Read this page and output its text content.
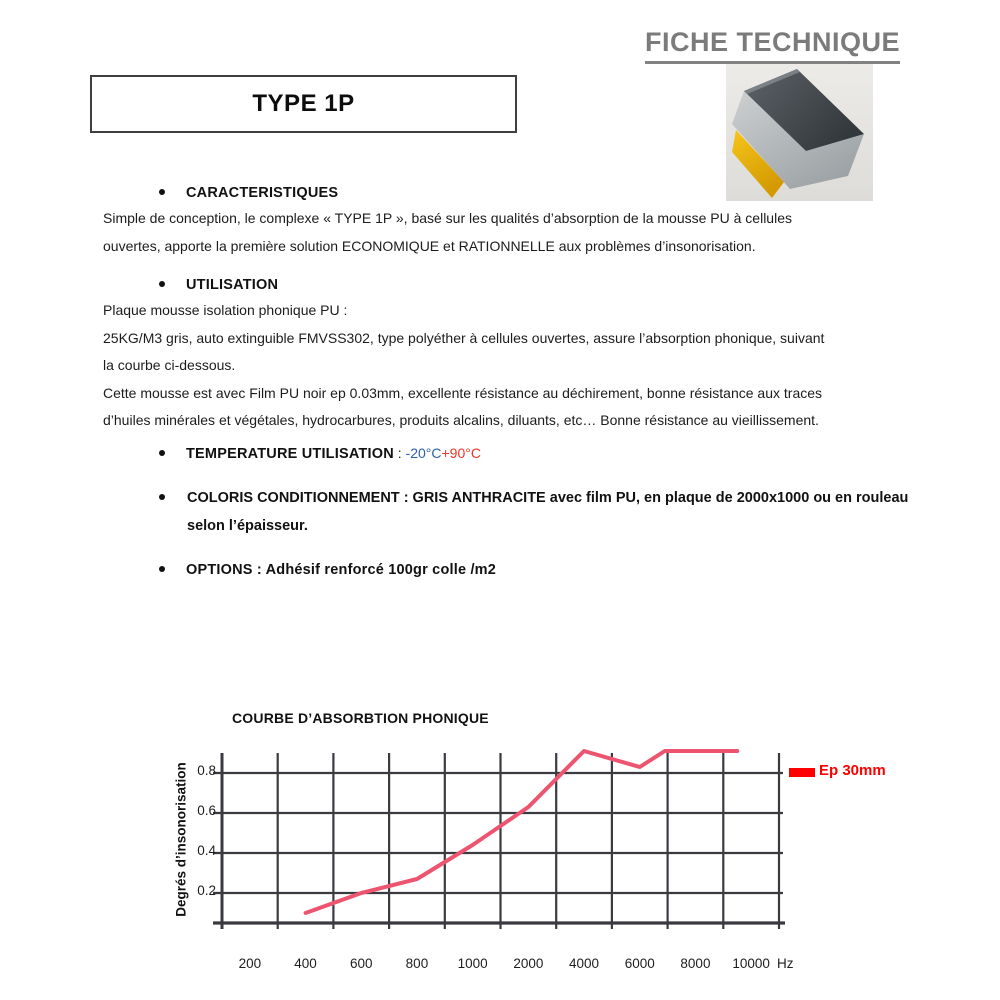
FICHE TECHNIQUE
TYPE 1P
CARACTERISTIQUES
Simple de conception, le complexe « TYPE 1P », basé sur les qualités d’absorption de la mousse PU à cellules
ouvertes, apporte la première solution ECONOMIQUE et RATIONNELLE aux problèmes d’insonorisation.
UTILISATION
Plaque mousse isolation phonique PU :
25KG/M3 gris, auto extinguible FMVSS302, type polyéther à cellules ouvertes, assure l’absorption phonique, suivant
la courbe ci-dessous.
Cette mousse est avec Film PU noir ep 0.03mm, excellente résistance au déchirement, bonne résistance aux traces
d’huiles minérales et végétales, hydrocarbures, produits alcalins, diluants, etc… Bonne résistance au vieillissement.
TEMPERATURE UTILISATION : -20°C+90°C
COLORIS CONDITIONNEMENT : GRIS ANTHRACITE avec film PU, en plaque de 2000x1000 ou en rouleau
selon l’épaisseur.
OPTIONS : Adhésif renforcé 100gr colle /m2
COURBE D’ABSORBTION PHONIQUE
Degrés d’insonorisation
200 400 600 800 1000 2000 4000 6000 8000 10000
0.2
0.4
0.6
0.8
Hz
Ep 30mm
